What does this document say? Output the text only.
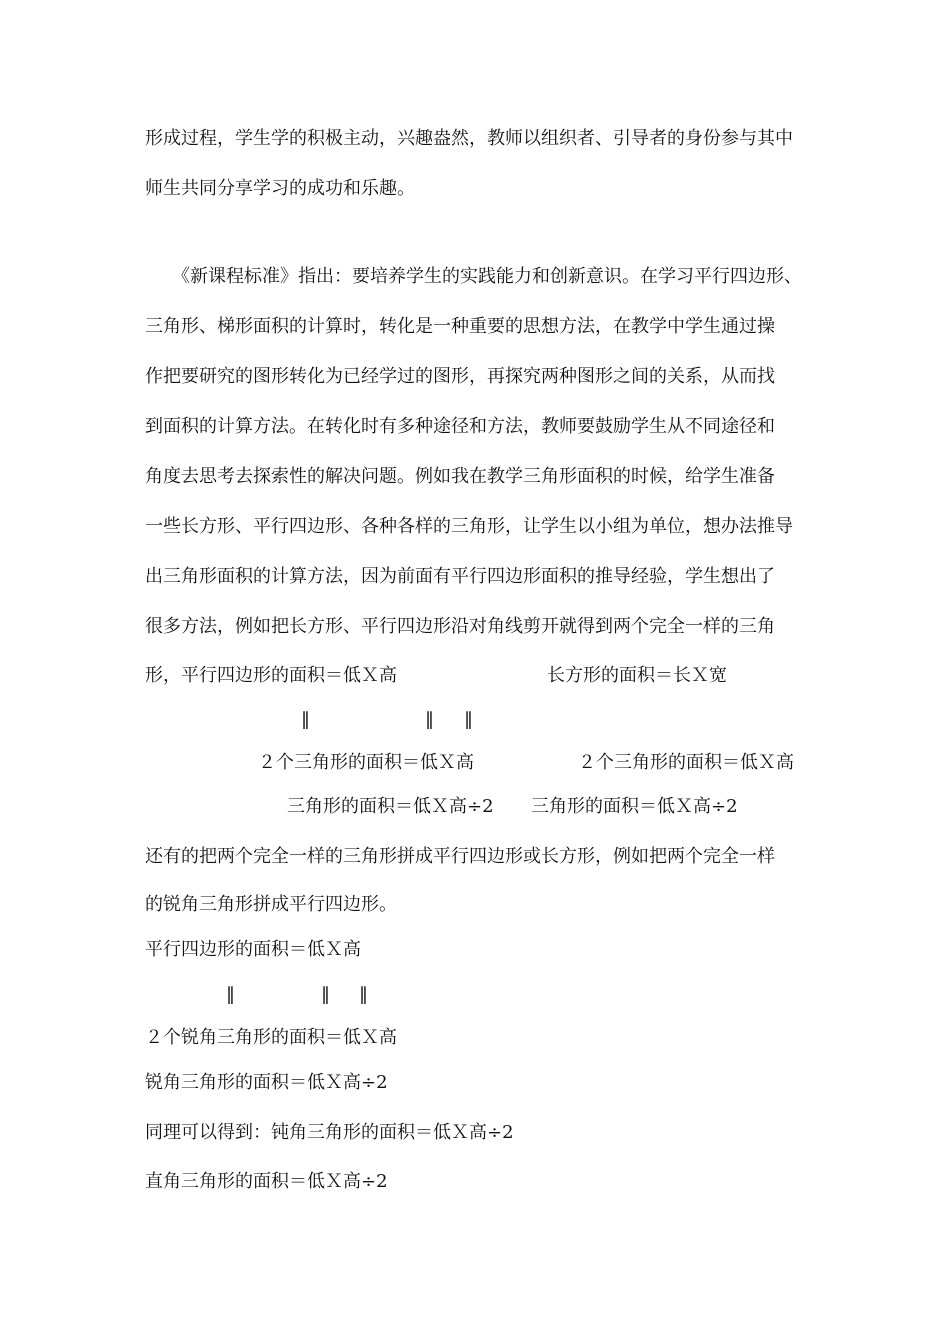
形成过程，学生学的积极主动，兴趣盎然，教师以组织者、引导者的身份参与其中
师生共同分享学习的成功和乐趣。
《新课程标准》指出：要培养学生的实践能力和创新意识。在学习平行四边形、
三角形、梯形面积的计算时，转化是一种重要的思想方法，在教学中学生通过操
作把要研究的图形转化为已经学过的图形，再探究两种图形之间的关系，从而找
到面积的计算方法。在转化时有多种途径和方法，教师要鼓励学生从不同途径和
角度去思考去探索性的解决问题。例如我在教学三角形面积的时候，给学生准备
一些长方形、平行四边形、各种各样的三角形，让学生以小组为单位，想办法推导
出三角形面积的计算方法，因为前面有平行四边形面积的推导经验，学生想出了
很多方法，例如把长方形、平行四边形沿对角线剪开就得到两个完全一样的三角
形，平行四边形的面积＝低Ｘ高	长方形的面积＝长Ｘ宽
‖	‖ ‖
２个三角形的面积＝低Ｘ高	２个三角形的面积＝低Ｘ高
三角形的面积＝低Ｘ高÷2 三角形的面积＝低Ｘ高÷2
还有的把两个完全一样的三角形拼成平行四边形或长方形，例如把两个完全一样
的锐角三角形拼成平行四边形。
平行四边形的面积＝低Ｘ高
‖	‖ ‖
２个锐角三角形的面积＝低Ｘ高
锐角三角形的面积＝低Ｘ高÷2
同理可以得到：钝角三角形的面积＝低Ｘ高÷2
直角三角形的面积＝低Ｘ高÷2
